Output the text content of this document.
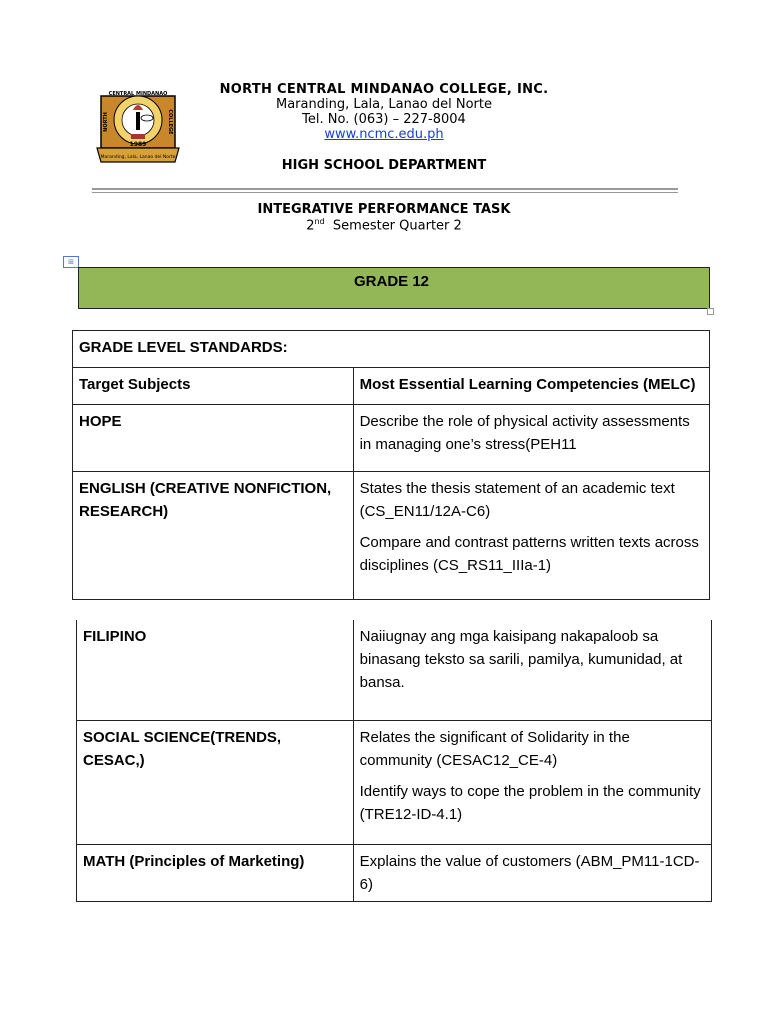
CENTRAL MINDANAO
NORTH	COLLEGE
1989
Maranding, Lala, Lanao del Norte
NORTH CENTRAL MINDANAO COLLEGE, INC.
Maranding, Lala, Lanao del Norte
Tel. No. (063) – 227-8004
www.ncmc.edu.ph
HIGH SCHOOL DEPARTMENT
INTEGRATIVE PERFORMANCE TASK
2nd Semester Quarter 2
⊞
GRADE 12
GRADE LEVEL STANDARDS:	
Target Subjects	Most Essential Learning Competencies (MELC)
HOPE	Describe the role of physical activity assessments in managing one’s stress(PEH11
ENGLISH (CREATIVE NONFICTION, RESEARCH)	States the thesis statement of an academic text (CS_EN11/12A-C6)
Compare and contrast patterns written texts across disciplines (CS_RS11_IIIa-1)
FILIPINO	Naiiugnay ang mga kaisipang nakapaloob sa binasang teksto sa sarili, pamilya, kumunidad, at bansa.
SOCIAL SCIENCE(TRENDS, CESAC,)	Relates the significant of Solidarity in the community (CESAC12_CE-4)
Identify ways to cope the problem in the community (TRE12-ID-4.1)

MATH (Principles of Marketing)	Explains the value of customers (ABM_PM11-1CD-6)
